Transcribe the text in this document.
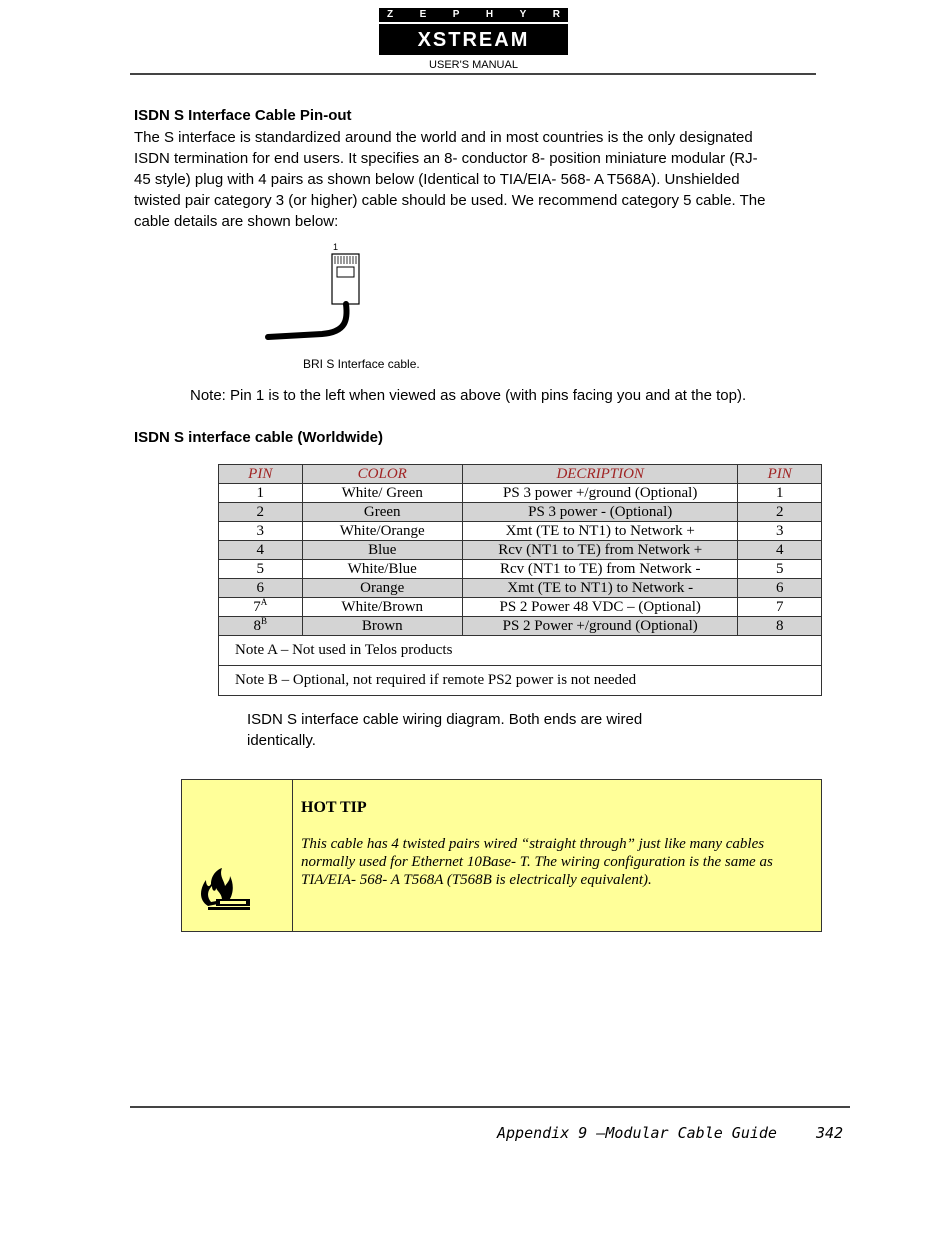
Z	E	P	H	Y	R
XSTREAM
USER'S MANUAL
ISDN S Interface Cable Pin-out
The S interface is standardized around the world and in most countries is the only designated
ISDN termination for end users. It specifies an 8- conductor 8- position miniature modular (RJ-
45 style) plug with 4 pairs as shown below (Identical to TIA/EIA- 568- A T568A). Unshielded
twisted pair category 3 (or higher) cable should be used. We recommend category 5 cable. The
cable details are shown below:
1
BRI S Interface cable.
Note: Pin 1 is to the left when viewed as above (with pins facing you and at the top).
ISDN S interface cable (Worldwide)
PIN	COLOR	DECRIPTION	PIN
1	White/ Green	PS 3 power +/ground (Optional)	1
2	Green	PS 3 power - (Optional)	2
3	White/Orange	Xmt (TE to NT1) to Network +	3
4	Blue	Rcv (NT1 to TE) from Network +	4
5	White/Blue	Rcv (NT1 to TE) from Network -	5
6	Orange	Xmt (TE to NT1) to Network -	6
$7^A$	White/Brown	PS 2 Power 48 VDC – (Optional)	7
$8^B$	Brown	PS 2 Power +/ground (Optional)	8
Note A – Not used in Telos products			
Note B – Optional, not required if remote PS2 power is not needed			
ISDN S interface cable wiring diagram. Both ends are wired
identically.
HOT TIP
This cable has 4 twisted pairs wired “straight through” just like many cables
normally used for Ethernet 10Base- T. The wiring configuration is the same as
TIA/EIA- 568- A T568A (T568B is electrically equivalent).
Appendix 9 –Modular Cable Guide	342
